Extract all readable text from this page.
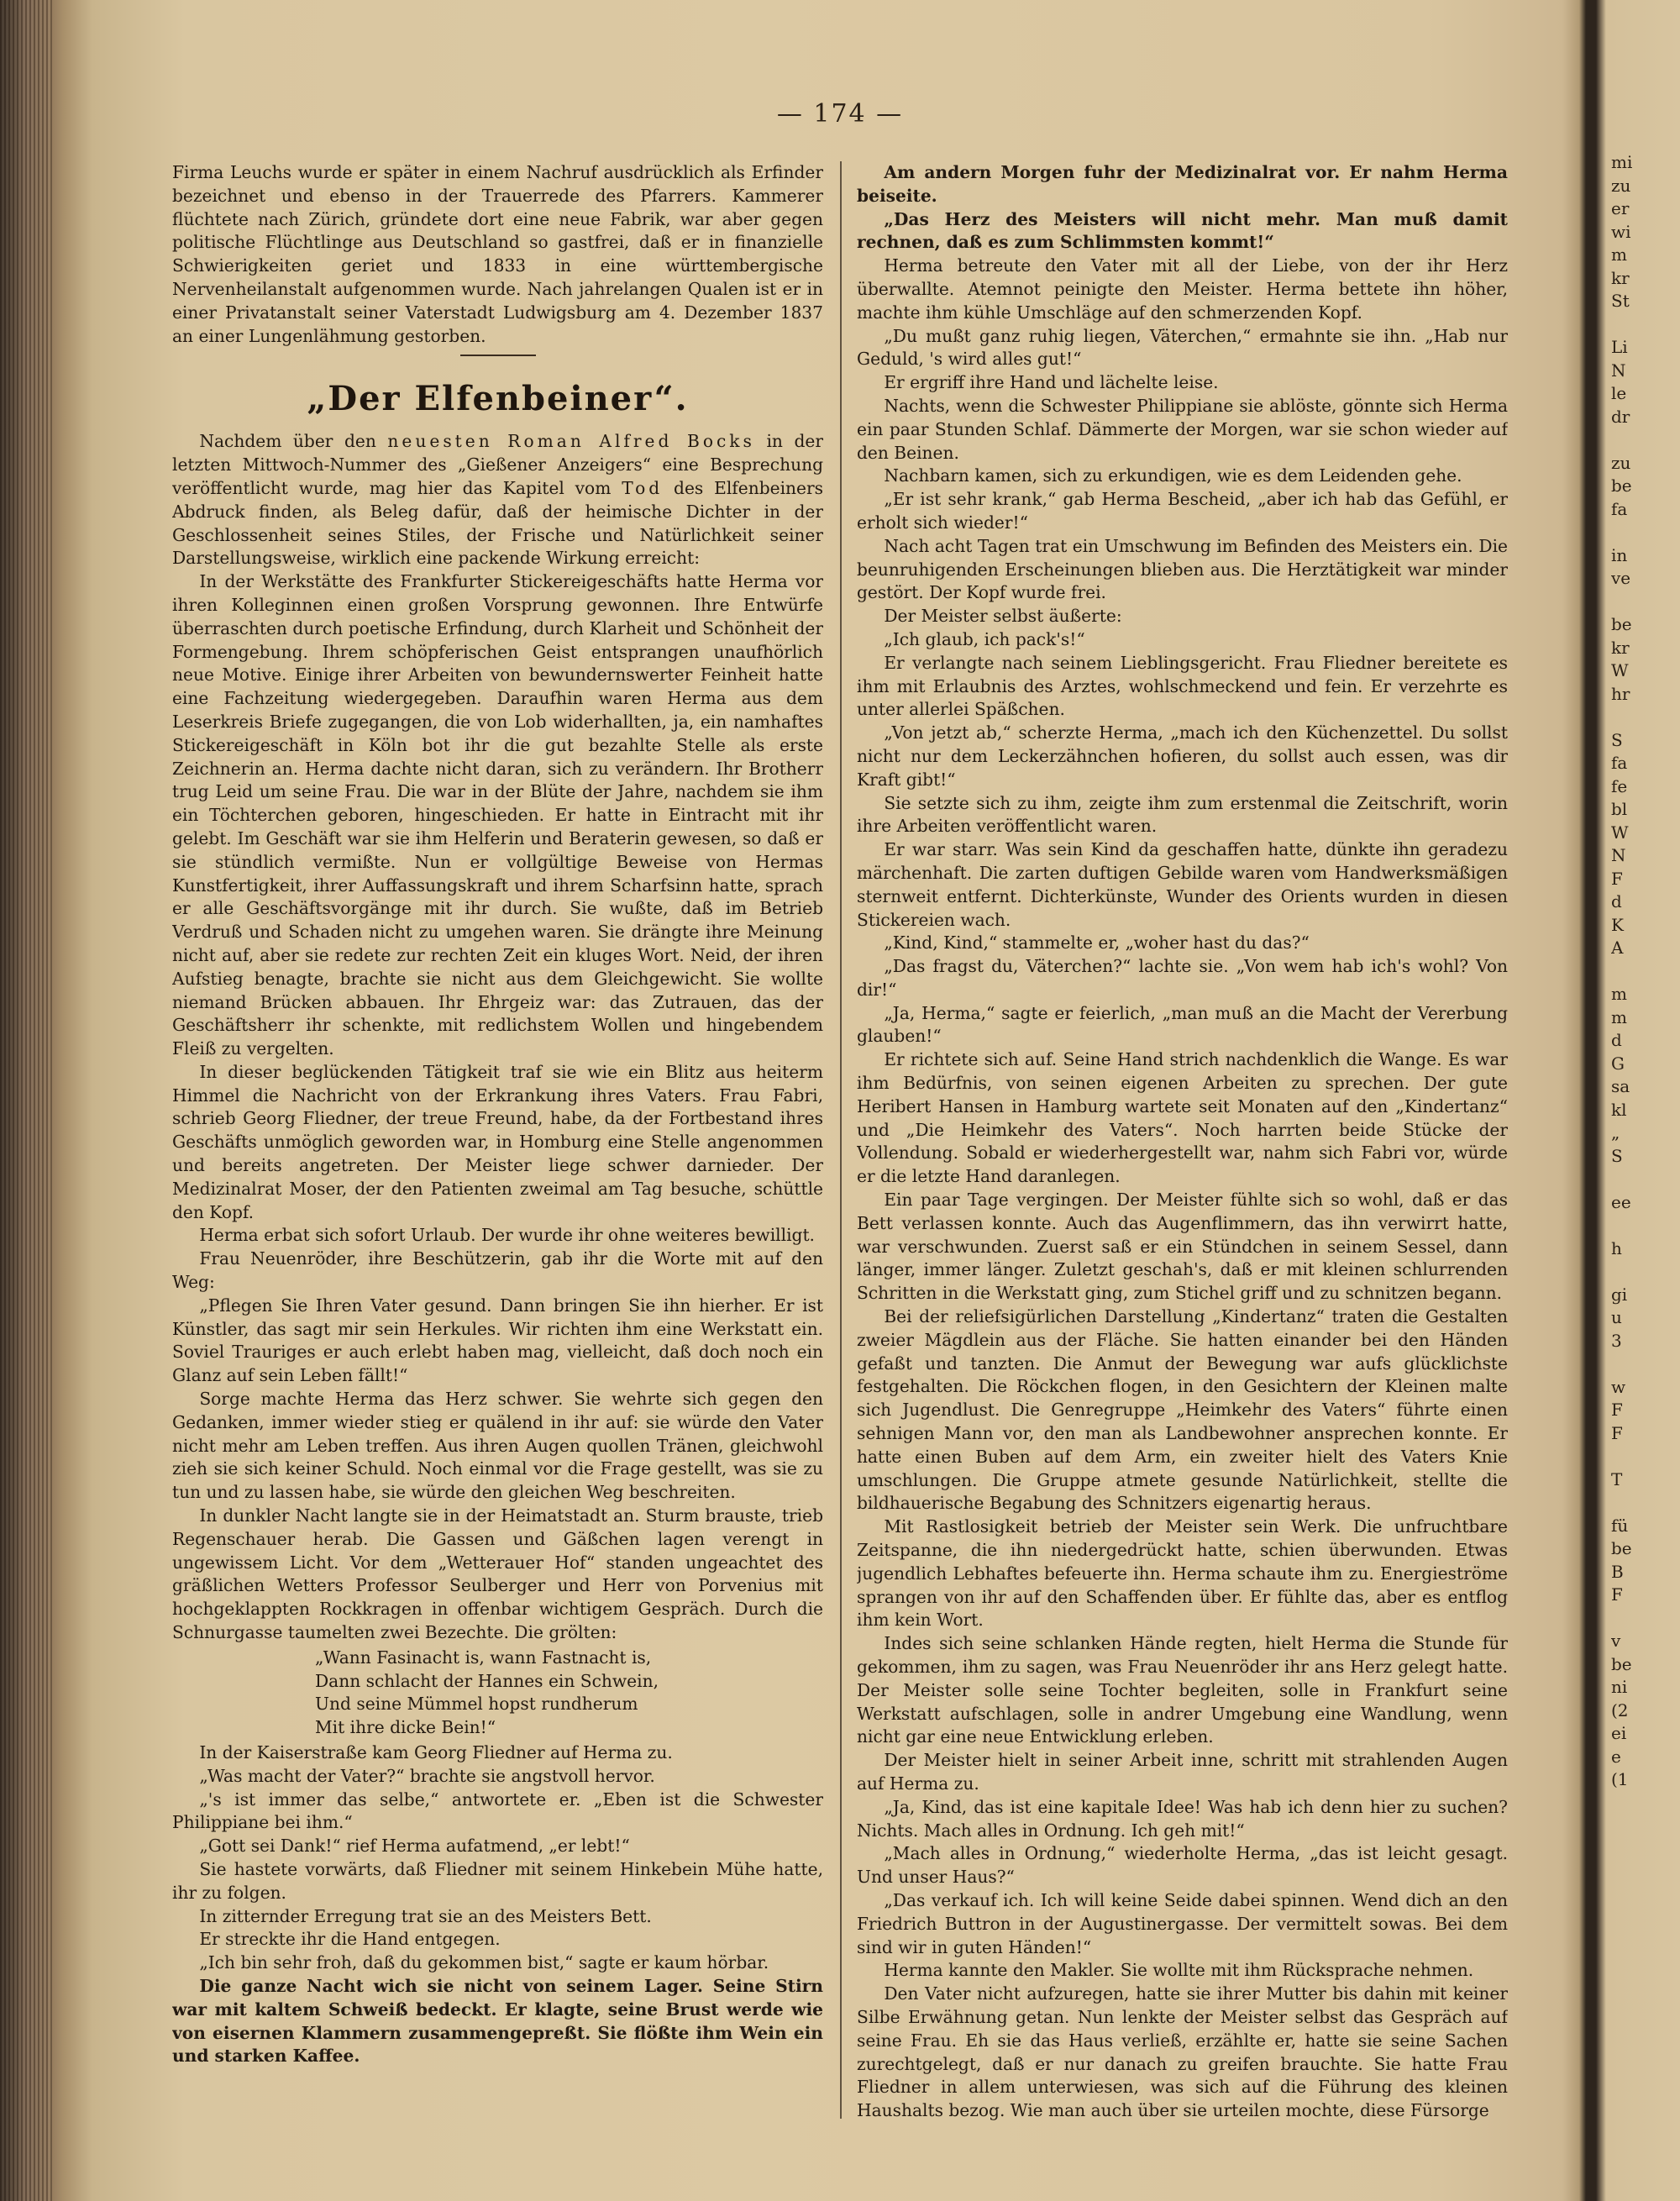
— 174 —

Firma Leuchs wurde er später in einem Nachruf ausdrücklich als Erfinder bezeichnet und ebenso in der Trauerrede des Pfarrers. Kammerer flüchtete nach Zürich, gründete dort eine neue Fabrik, war aber gegen politische Flüchtlinge aus Deutschland so gastfrei, daß er in finanzielle Schwierigkeiten geriet und 1833 in eine württembergische Nervenheilanstalt aufgenommen wurde. Nach jahrelangen Qualen ist er in einer Privatanstalt seiner Vaterstadt Ludwigsburg am 4. Dezember 1837 an einer Lungenlähmung gestorben.

„Der Elfenbeiner“.

Nachdem über den neuesten Roman Alfred Bocks in der letzten Mittwoch-Nummer des „Gießener Anzeigers“ eine Besprechung veröffentlicht wurde, mag hier das Kapitel vom Tod des Elfenbeiners Abdruck finden, als Beleg dafür, daß der heimische Dichter in der Geschlossenheit seines Stiles, der Frische und Natürlichkeit seiner Darstellungsweise, wirklich eine packende Wirkung erreicht:

In der Werkstätte des Frankfurter Stickereigeschäfts hatte Herma vor ihren Kolleginnen einen großen Vorsprung gewonnen. Ihre Entwürfe überraschten durch poetische Erfindung, durch Klarheit und Schönheit der Formengebung. Ihrem schöpferischen Geist entsprangen unaufhörlich neue Motive. Einige ihrer Arbeiten von bewundernswerter Feinheit hatte eine Fachzeitung wiedergegeben. Daraufhin waren Herma aus dem Leserkreis Briefe zugegangen, die von Lob widerhallten, ja, ein namhaftes Stickereigeschäft in Köln bot ihr die gut bezahlte Stelle als erste Zeichnerin an. Herma dachte nicht daran, sich zu verändern. Ihr Brotherr trug Leid um seine Frau. Die war in der Blüte der Jahre, nachdem sie ihm ein Töchterchen geboren, hingeschieden. Er hatte in Eintracht mit ihr gelebt. Im Geschäft war sie ihm Helferin und Beraterin gewesen, so daß er sie stündlich vermißte. Nun er vollgültige Beweise von Hermas Kunstfertigkeit, ihrer Auffassungskraft und ihrem Scharfsinn hatte, sprach er alle Geschäftsvorgänge mit ihr durch. Sie wußte, daß im Betrieb Verdruß und Schaden nicht zu umgehen waren. Sie drängte ihre Meinung nicht auf, aber sie redete zur rechten Zeit ein kluges Wort. Neid, der ihren Aufstieg benagte, brachte sie nicht aus dem Gleichgewicht. Sie wollte niemand Brücken abbauen. Ihr Ehrgeiz war: das Zutrauen, das der Geschäftsherr ihr schenkte, mit redlichstem Wollen und hingebendem Fleiß zu vergelten.

In dieser beglückenden Tätigkeit traf sie wie ein Blitz aus heiterm Himmel die Nachricht von der Erkrankung ihres Vaters. Frau Fabri, schrieb Georg Fliedner, der treue Freund, habe, da der Fortbestand ihres Geschäfts unmöglich geworden war, in Homburg eine Stelle angenommen und bereits angetreten. Der Meister liege schwer darnieder. Der Medizinalrat Moser, der den Patienten zweimal am Tag besuche, schüttle den Kopf.

Herma erbat sich sofort Urlaub. Der wurde ihr ohne weiteres bewilligt.

Frau Neuenröder, ihre Beschützerin, gab ihr die Worte mit auf den Weg:

„Pflegen Sie Ihren Vater gesund. Dann bringen Sie ihn hierher. Er ist Künstler, das sagt mir sein Herkules. Wir richten ihm eine Werkstatt ein. Soviel Trauriges er auch erlebt haben mag, vielleicht, daß doch noch ein Glanz auf sein Leben fällt!“

Sorge machte Herma das Herz schwer. Sie wehrte sich gegen den Gedanken, immer wieder stieg er quälend in ihr auf: sie würde den Vater nicht mehr am Leben treffen. Aus ihren Augen quollen Tränen, gleichwohl zieh sie sich keiner Schuld. Noch einmal vor die Frage gestellt, was sie zu tun und zu lassen habe, sie würde den gleichen Weg beschreiten.

In dunkler Nacht langte sie in der Heimatstadt an. Sturm brauste, trieb Regenschauer herab. Die Gassen und Gäßchen lagen verengt in ungewissem Licht. Vor dem „Wetterauer Hof“ standen ungeachtet des gräßlichen Wetters Professor Seulberger und Herr von Porvenius mit hochgeklappten Rockkragen in offenbar wichtigem Gespräch. Durch die Schnurgasse taumelten zwei Bezechte. Die grölten:

„Wann Fasinacht is, wann Fastnacht is,
Dann schlacht der Hannes ein Schwein,
Und seine Mümmel hopst rundherum
Mit ihre dicke Bein!“

In der Kaiserstraße kam Georg Fliedner auf Herma zu.

„Was macht der Vater?“ brachte sie angstvoll hervor.

„'s ist immer das selbe,“ antwortete er. „Eben ist die Schwester Philippiane bei ihm.“

„Gott sei Dank!“ rief Herma aufatmend, „er lebt!“

Sie hastete vorwärts, daß Fliedner mit seinem Hinkebein Mühe hatte, ihr zu folgen.

In zitternder Erregung trat sie an des Meisters Bett.

Er streckte ihr die Hand entgegen.

„Ich bin sehr froh, daß du gekommen bist,“ sagte er kaum hörbar.

Die ganze Nacht wich sie nicht von seinem Lager. Seine Stirn war mit kaltem Schweiß bedeckt. Er klagte, seine Brust werde wie von eisernen Klammern zusammengepreßt. Sie flößte ihm Wein ein und starken Kaffee.

Am andern Morgen fuhr der Medizinalrat vor. Er nahm Herma beiseite.

„Das Herz des Meisters will nicht mehr. Man muß damit rechnen, daß es zum Schlimmsten kommt!“

Herma betreute den Vater mit all der Liebe, von der ihr Herz überwallte. Atemnot peinigte den Meister. Herma bettete ihn höher, machte ihm kühle Umschläge auf den schmerzenden Kopf.

„Du mußt ganz ruhig liegen, Väterchen,“ ermahnte sie ihn. „Hab nur Geduld, 's wird alles gut!“

Er ergriff ihre Hand und lächelte leise.

Nachts, wenn die Schwester Philippiane sie ablöste, gönnte sich Herma ein paar Stunden Schlaf. Dämmerte der Morgen, war sie schon wieder auf den Beinen.

Nachbarn kamen, sich zu erkundigen, wie es dem Leidenden gehe.

„Er ist sehr krank,“ gab Herma Bescheid, „aber ich hab das Gefühl, er erholt sich wieder!“

Nach acht Tagen trat ein Umschwung im Befinden des Meisters ein. Die beunruhigenden Erscheinungen blieben aus. Die Herztätigkeit war minder gestört. Der Kopf wurde frei.

Der Meister selbst äußerte:

„Ich glaub, ich pack's!“

Er verlangte nach seinem Lieblingsgericht. Frau Fliedner bereitete es ihm mit Erlaubnis des Arztes, wohlschmeckend und fein. Er verzehrte es unter allerlei Späßchen.

„Von jetzt ab,“ scherzte Herma, „mach ich den Küchenzettel. Du sollst nicht nur dem Leckerzähnchen hofieren, du sollst auch essen, was dir Kraft gibt!“

Sie setzte sich zu ihm, zeigte ihm zum erstenmal die Zeitschrift, worin ihre Arbeiten veröffentlicht waren.

Er war starr. Was sein Kind da geschaffen hatte, dünkte ihn geradezu märchenhaft. Die zarten duftigen Gebilde waren vom Handwerksmäßigen sternweit entfernt. Dichterkünste, Wunder des Orients wurden in diesen Stickereien wach.

„Kind, Kind,“ stammelte er, „woher hast du das?“

„Das fragst du, Väterchen?“ lachte sie. „Von wem hab ich's wohl? Von dir!“

„Ja, Herma,“ sagte er feierlich, „man muß an die Macht der Vererbung glauben!“

Er richtete sich auf. Seine Hand strich nachdenklich die Wange. Es war ihm Bedürfnis, von seinen eigenen Arbeiten zu sprechen. Der gute Heribert Hansen in Hamburg wartete seit Monaten auf den „Kindertanz“ und „Die Heimkehr des Vaters“. Noch harrten beide Stücke der Vollendung. Sobald er wiederhergestellt war, nahm sich Fabri vor, würde er die letzte Hand daranlegen.

Ein paar Tage vergingen. Der Meister fühlte sich so wohl, daß er das Bett verlassen konnte. Auch das Augenflimmern, das ihn verwirrt hatte, war verschwunden. Zuerst saß er ein Stündchen in seinem Sessel, dann länger, immer länger. Zuletzt geschah's, daß er mit kleinen schlurrenden Schritten in die Werkstatt ging, zum Stichel griff und zu schnitzen begann.

Bei der reliefsigürlichen Darstellung „Kindertanz“ traten die Gestalten zweier Mägdlein aus der Fläche. Sie hatten einander bei den Händen gefaßt und tanzten. Die Anmut der Bewegung war aufs glücklichste festgehalten. Die Röckchen flogen, in den Gesichtern der Kleinen malte sich Jugendlust. Die Genregruppe „Heimkehr des Vaters“ führte einen sehnigen Mann vor, den man als Landbewohner ansprechen konnte. Er hatte einen Buben auf dem Arm, ein zweiter hielt des Vaters Knie umschlungen. Die Gruppe atmete gesunde Natürlichkeit, stellte die bildhauerische Begabung des Schnitzers eigenartig heraus.

Mit Rastlosigkeit betrieb der Meister sein Werk. Die unfruchtbare Zeitspanne, die ihn niedergedrückt hatte, schien überwunden. Etwas jugendlich Lebhaftes befeuerte ihn. Herma schaute ihm zu. Energieströme sprangen von ihr auf den Schaffenden über. Er fühlte das, aber es entflog ihm kein Wort.

Indes sich seine schlanken Hände regten, hielt Herma die Stunde für gekommen, ihm zu sagen, was Frau Neuenröder ihr ans Herz gelegt hatte. Der Meister solle seine Tochter begleiten, solle in Frankfurt seine Werkstatt aufschlagen, solle in andrer Umgebung eine Wandlung, wenn nicht gar eine neue Entwicklung erleben.

Der Meister hielt in seiner Arbeit inne, schritt mit strahlenden Augen auf Herma zu.

„Ja, Kind, das ist eine kapitale Idee! Was hab ich denn hier zu suchen? Nichts. Mach alles in Ordnung. Ich geh mit!“

„Mach alles in Ordnung,“ wiederholte Herma, „das ist leicht gesagt. Und unser Haus?“

„Das verkauf ich. Ich will keine Seide dabei spinnen. Wend dich an den Friedrich Buttron in der Augustinergasse. Der vermittelt sowas. Bei dem sind wir in guten Händen!“

Herma kannte den Makler. Sie wollte mit ihm Rücksprache nehmen.

Den Vater nicht aufzuregen, hatte sie ihrer Mutter bis dahin mit keiner Silbe Erwähnung getan. Nun lenkte der Meister selbst das Gespräch auf seine Frau. Eh sie das Haus verließ, erzählte er, hatte sie seine Sachen zurechtgelegt, daß er nur danach zu greifen brauchte. Sie hatte Frau Fliedner in allem unterwiesen, was sich auf die Führung des kleinen Haushalts bezog. Wie man auch über sie urteilen mochte, diese Fürsorge

mi
zu
er
wi
m
kr
St

Li
N
le
dr

zu
be
fa

in
ve

be
kr
W
hr

S
fa
fe
bl
W
N
F
d
K
A

m
m
d
G
sa
kl
„
S

ee

h

gi
u
3

w
F
F

T

fü
be
B
F

v
be
ni
(2
ei
e
(1
